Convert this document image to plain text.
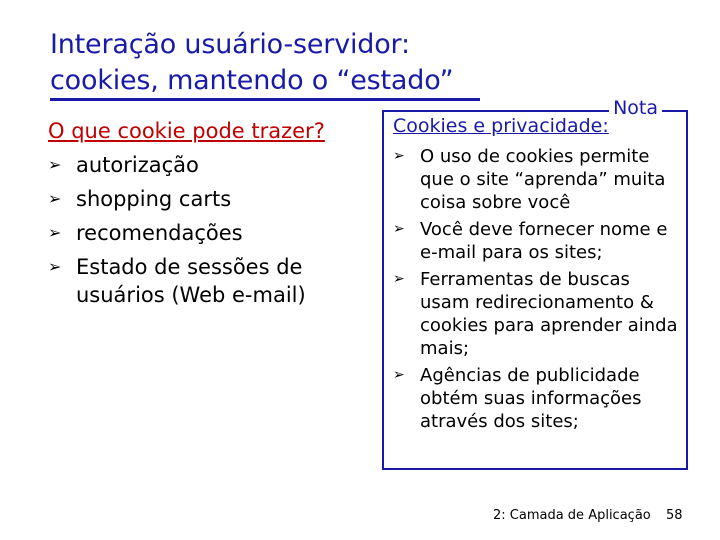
Interação usuário-servidor:
cookies, mantendo o “estado”
O que cookie pode trazer?
➢ autorização
➢ shopping carts
➢ recomendações
➢ Estado de sessões de usuários (Web e-mail)
Nota
Cookies e privacidade:
➢ O uso de cookies permite que o site “aprenda” muita coisa sobre você
➢ Você deve fornecer nome e e-mail para os sites;
➢ Ferramentas de buscas usam redirecionamento & cookies para aprender ainda mais;
➢ Agências de publicidade obtém suas informações através dos sites;
2: Camada de Aplicação 58
